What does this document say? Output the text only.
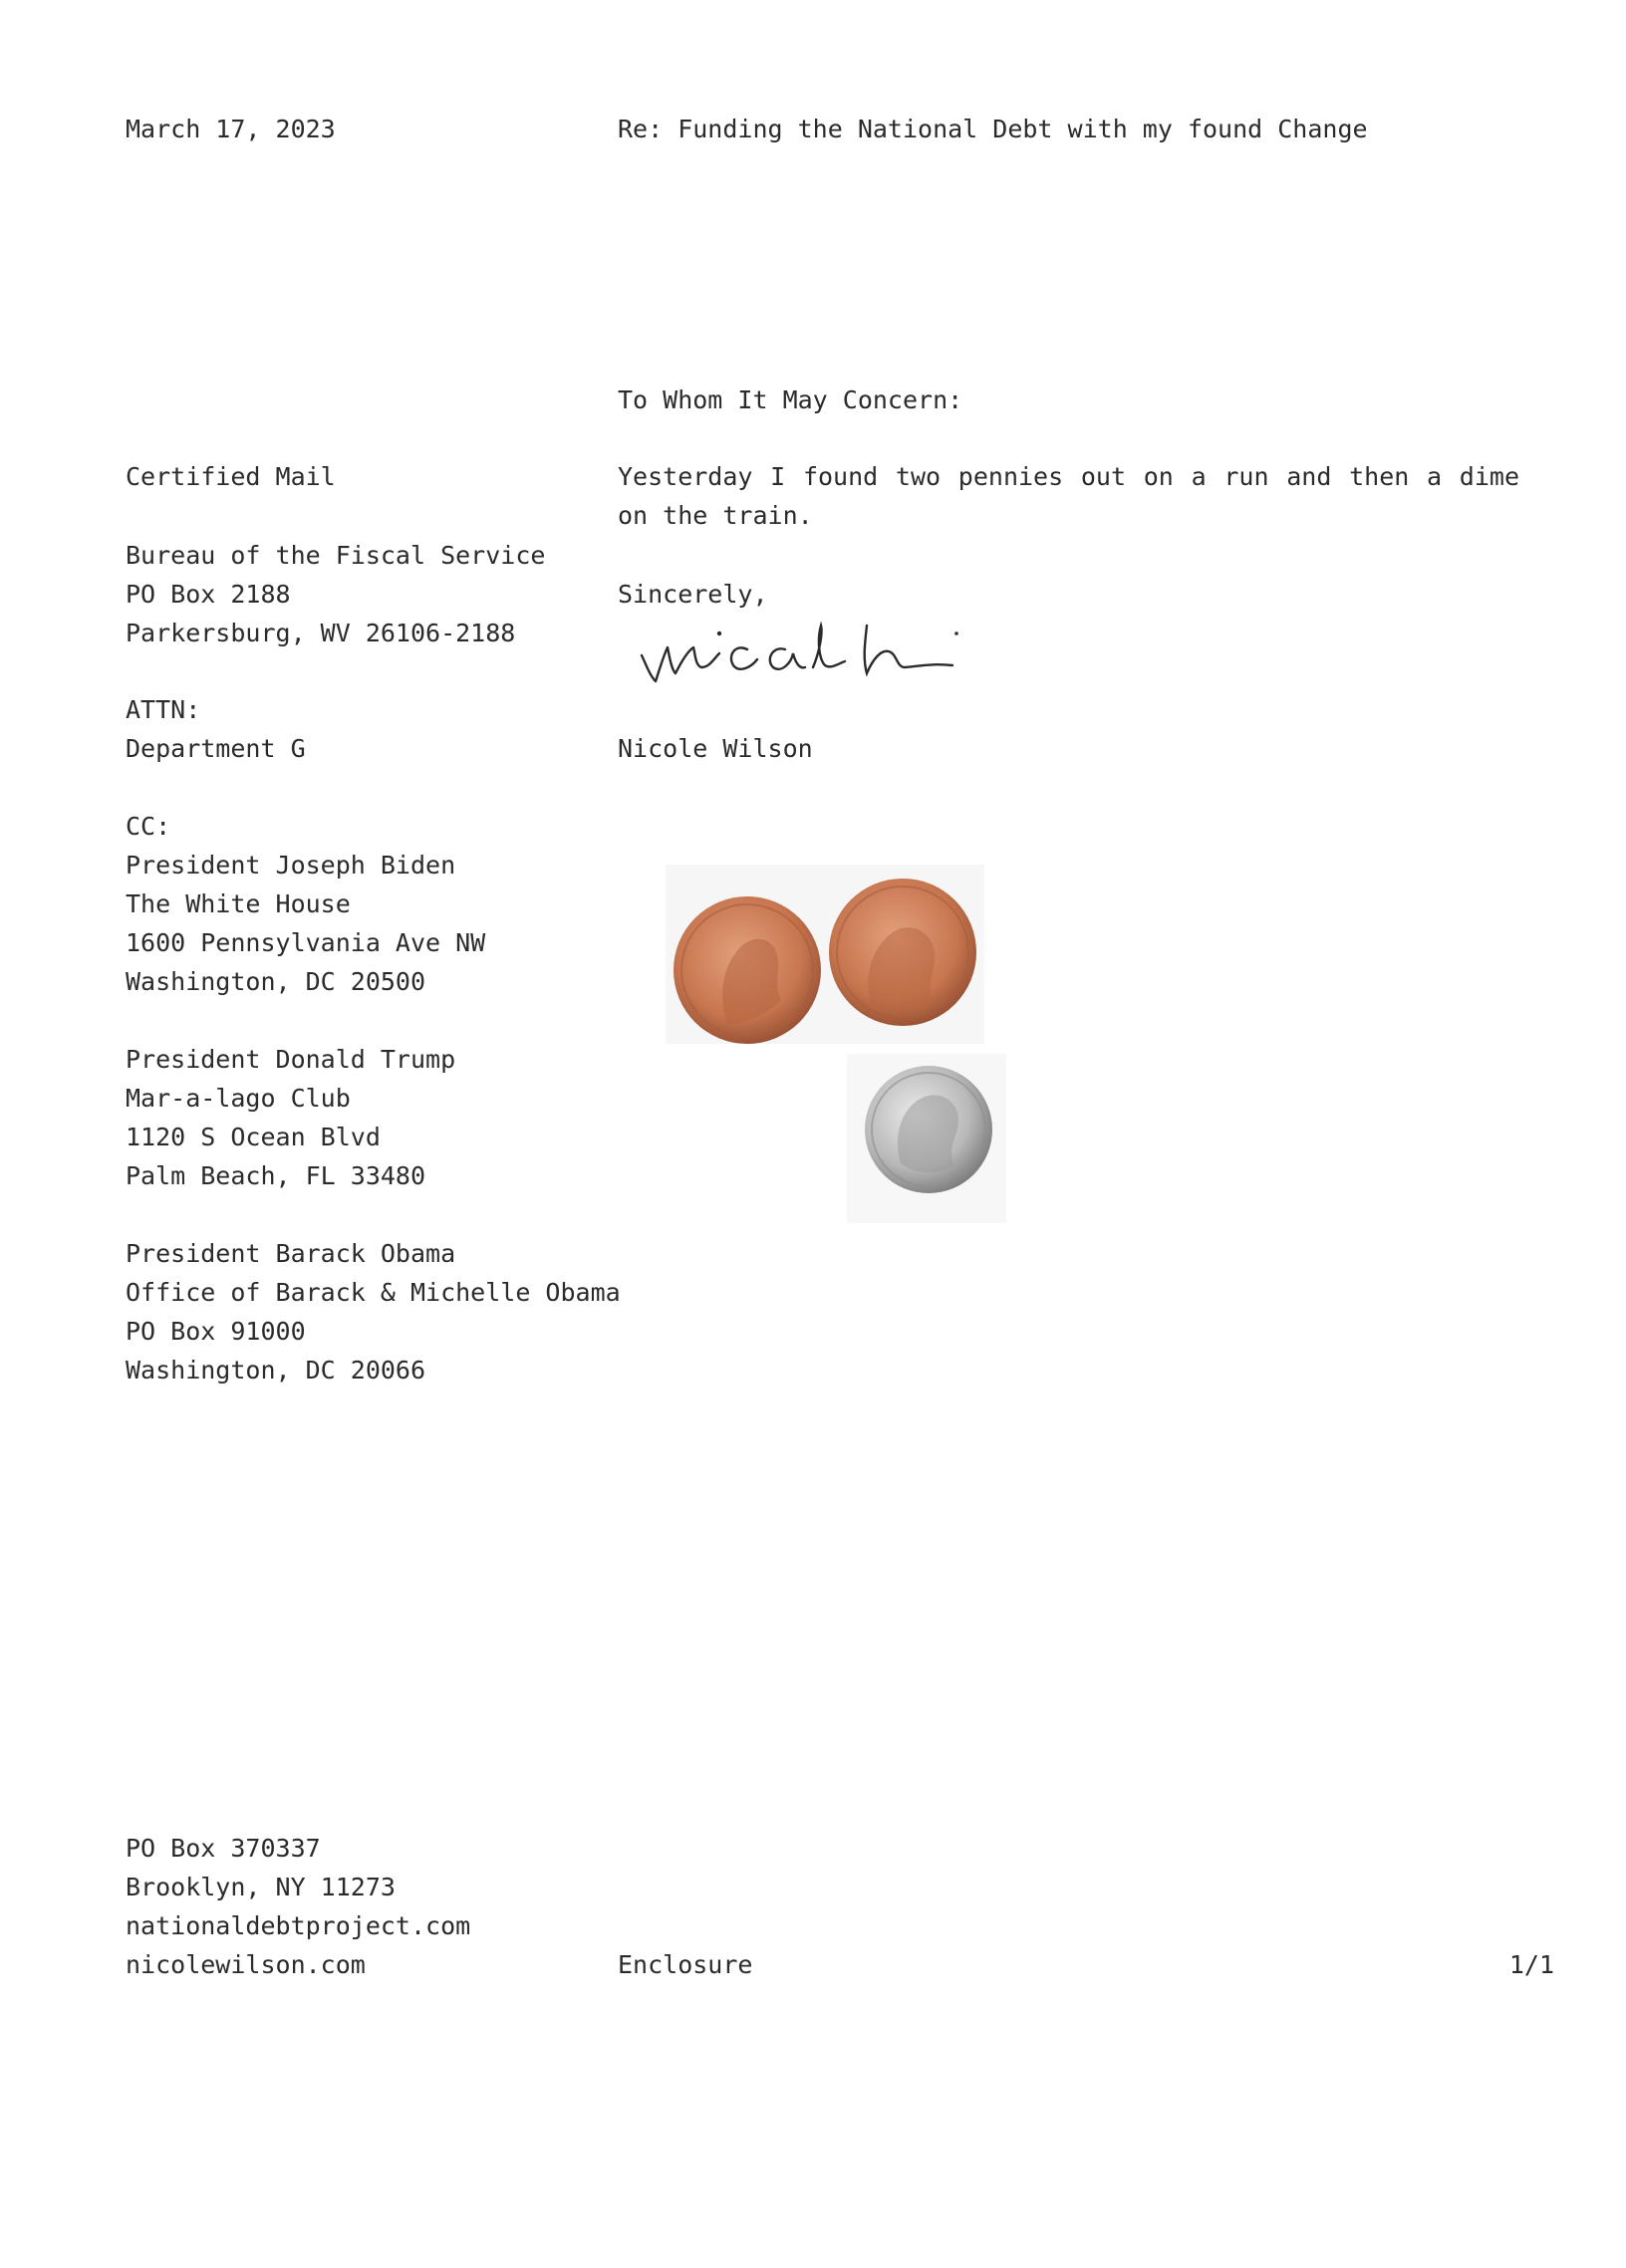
March 17, 2023	Re: Funding the National Debt with my found Change
To Whom It May Concern:
Certified Mail	Yesterday I found two pennies out on a run and then a dime on the train.
Bureau of the Fiscal Service
PO Box 2188
Parkersburg, WV 26106-2188
Sincerely,
ATTN:
Department G	Nicole Wilson
CC:
President Joseph Biden
The White House
1600 Pennsylvania Ave NW
Washington, DC 20500
President Donald Trump
Mar-a-lago Club
1120 S Ocean Blvd
Palm Beach, FL 33480
President Barack Obama
Office of Barack & Michelle Obama
PO Box 91000
Washington, DC 20066
PO Box 370337
Brooklyn, NY 11273
nationaldebtproject.com
nicolewilson.com	Enclosure	1/1
